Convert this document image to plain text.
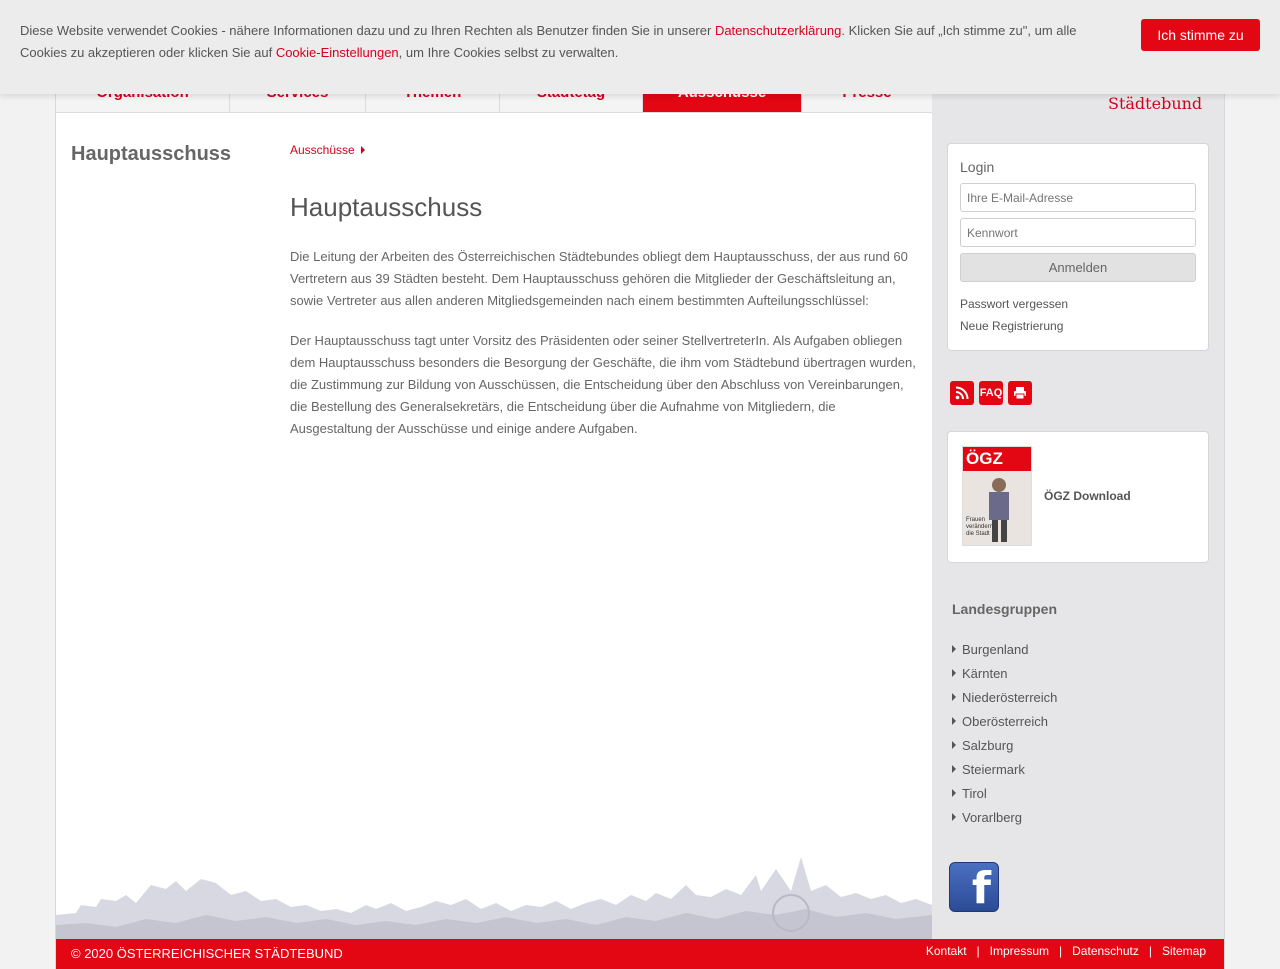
Städtebund
Hauptausschuss	Ausschüsse
Hauptausschuss

Die Leitung der Arbeiten des Österreichischen Städtebundes obliegt dem Hauptausschuss, der aus rund 60 Vertretern aus 39 Städten besteht. Dem Hauptausschuss gehören die Mitglieder der Geschäftsleitung an, sowie Vertreter aus allen anderen Mitgliedsgemeinden nach einem bestimmten Aufteilungsschlüssel:

Der Hauptausschuss tagt unter Vorsitz des Präsidenten oder seiner StellvertreterIn. Als Aufgaben obliegen dem Hauptausschuss besonders die Besorgung der Geschäfte, die ihm vom Städtebund übertragen wurden, die Zustimmung zur Bildung von Ausschüssen, die Entscheidung über den Abschluss von Vereinbarungen, die Bestellung des Generalsekretärs, die Entscheidung über die Aufnahme von Mitgliedern, die Ausgestaltung der Ausschüsse und einige andere Aufgaben.

Diese Website verwendet Cookies - nähere Informationen dazu und zu Ihren Rechten als Benutzer finden Sie in unserer Datenschutzerklärung. Klicken Sie auf „Ich stimme zu", um alle Cookies zu akzeptieren oder klicken Sie auf Cookie-Einstellungen, um Ihre Cookies selbst zu verwalten.
Ich stimme zu
Login
Ihre E-Mail-Adresse
Anmelden
Passwort vergessen
Neue Registrierung
FAQ
ÖGZ
Frauen verändern die Stadt
ÖGZ Download
Landesgruppen
Burgenland
Kärnten
Niederösterreich
Oberösterreich
Salzburg
Steiermark
Tirol
Vorarlberg
f
© 2020 ÖSTERREICHISCHER STÄDTEBUND	Kontakt | Impressum | Datenschutz | Sitemap
